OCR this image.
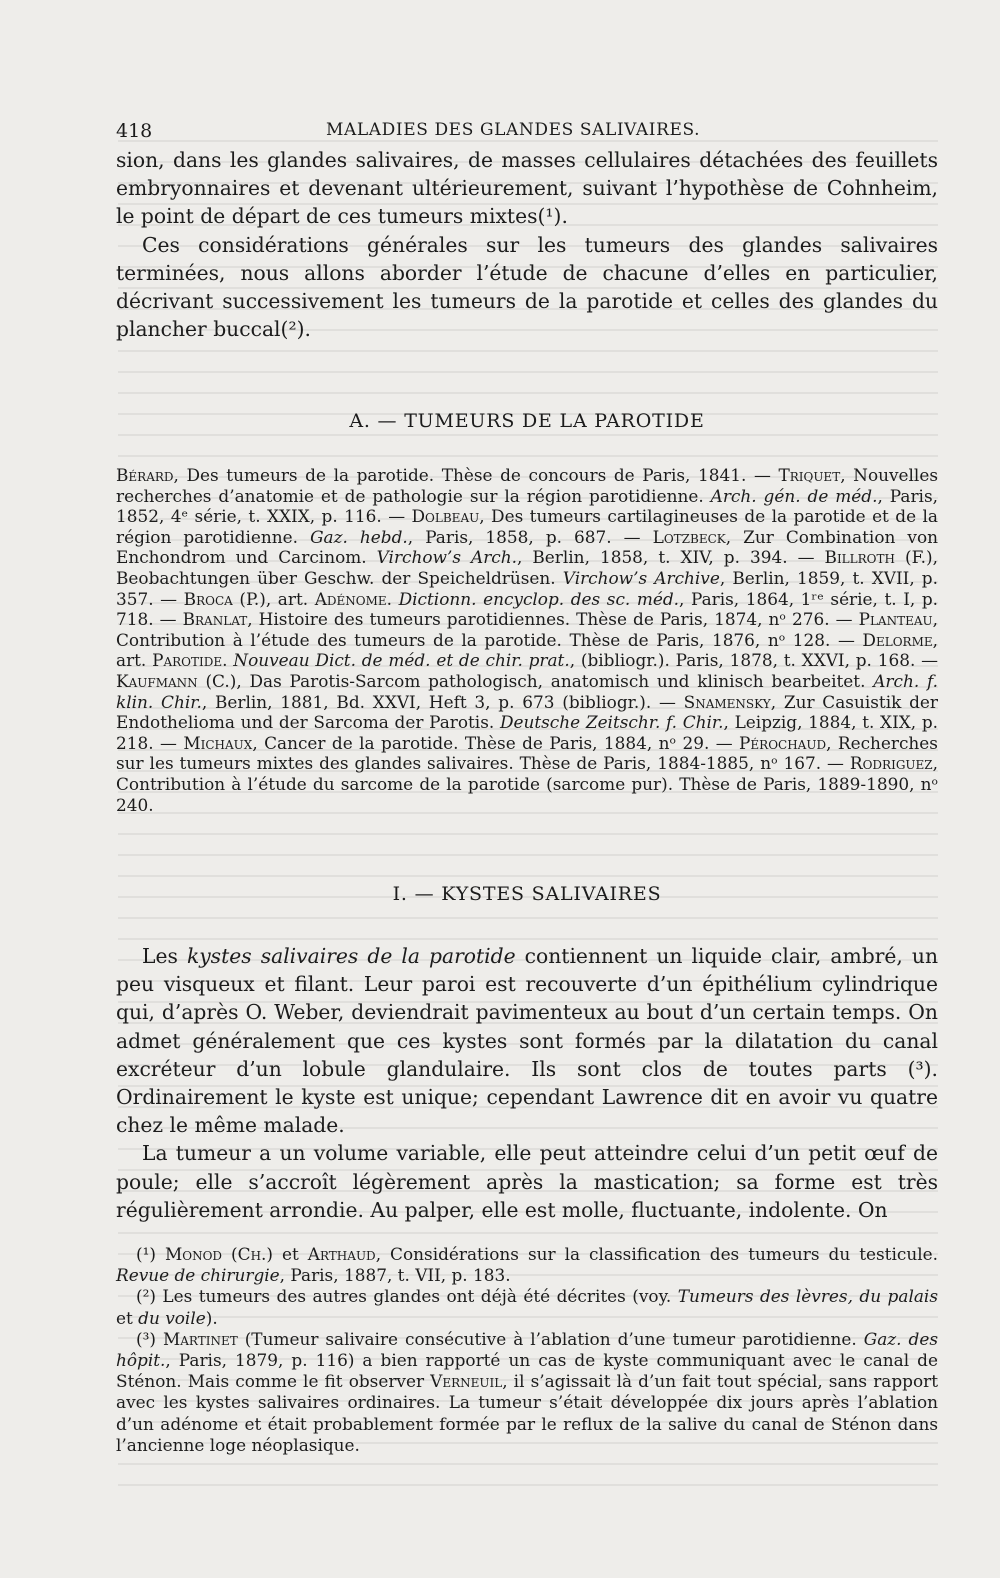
418	MALADIES DES GLANDES SALIVAIRES.

sion, dans les glandes salivaires, de masses cellulaires détachées des feuillets embryonnaires et devenant ultérieurement, suivant l’hypothèse de Cohnheim, le point de départ de ces tumeurs mixtes(¹).

Ces considérations générales sur les tumeurs des glandes salivaires terminées, nous allons aborder l’étude de chacune d’elles en particulier, décrivant successivement les tumeurs de la parotide et celles des glandes du plancher buccal(²).

A. — TUMEURS DE LA PAROTIDE
Bérard, Des tumeurs de la parotide. Thèse de concours de Paris, 1841. — Triquet, Nouvelles recherches d’anatomie et de pathologie sur la région parotidienne. Arch. gén. de méd., Paris, 1852, 4ᵉ série, t. XXIX, p. 116. — Dolbeau, Des tumeurs cartilagineuses de la parotide et de la région parotidienne. Gaz. hebd., Paris, 1858, p. 687. — Lotzbeck, Zur Combination von Enchondrom und Carcinom. Virchow’s Arch., Berlin, 1858, t. XIV, p. 394. — Billroth (F.), Beobachtungen über Geschw. der Speicheldrüsen. Virchow’s Archive, Berlin, 1859, t. XVII, p. 357. — Broca (P.), art. Adénome. Dictionn. encyclop. des sc. méd., Paris, 1864, 1ʳᵉ série, t. I, p. 718. — Branlat, Histoire des tumeurs parotidiennes. Thèse de Paris, 1874, nᵒ 276. — Planteau, Contribution à l’étude des tumeurs de la parotide. Thèse de Paris, 1876, nᵒ 128. — Delorme, art. Parotide. Nouveau Dict. de méd. et de chir. prat., (bibliogr.). Paris, 1878, t. XXVI, p. 168. — Kaufmann (C.), Das Parotis-Sarcom pathologisch, anatomisch und klinisch bearbeitet. Arch. f. klin. Chir., Berlin, 1881, Bd. XXVI, Heft 3, p. 673 (bibliogr.). — Snamensky, Zur Casuistik der Endothelioma und der Sarcoma der Parotis. Deutsche Zeitschr. f. Chir., Leipzig, 1884, t. XIX, p. 218. — Michaux, Cancer de la parotide. Thèse de Paris, 1884, nᵒ 29. — Pérochaud, Recherches sur les tumeurs mixtes des glandes salivaires. Thèse de Paris, 1884-1885, nᵒ 167. — Rodriguez, Contribution à l’étude du sarcome de la parotide (sarcome pur). Thèse de Paris, 1889-1890, nᵒ 240.
I. — KYSTES SALIVAIRES

Les kystes salivaires de la parotide contiennent un liquide clair, ambré, un peu visqueux et filant. Leur paroi est recouverte d’un épithélium cylindrique qui, d’après O. Weber, deviendrait pavimenteux au bout d’un certain temps. On admet généralement que ces kystes sont formés par la dilatation du canal excréteur d’un lobule glandulaire. Ils sont clos de toutes parts (³). Ordinairement le kyste est unique; cependant Lawrence dit en avoir vu quatre chez le même malade.

La tumeur a un volume variable, elle peut atteindre celui d’un petit œuf de poule; elle s’accroît légèrement après la mastication; sa forme est très régulièrement arrondie. Au palper, elle est molle, fluctuante, indolente. On

(¹) Monod (Ch.) et Arthaud, Considérations sur la classification des tumeurs du testicule. Revue de chirurgie, Paris, 1887, t. VII, p. 183.

(²) Les tumeurs des autres glandes ont déjà été décrites (voy. Tumeurs des lèvres, du palais et du voile).

(³) Martinet (Tumeur salivaire consécutive à l’ablation d’une tumeur parotidienne. Gaz. des hôpit., Paris, 1879, p. 116) a bien rapporté un cas de kyste communiquant avec le canal de Sténon. Mais comme le fit observer Verneuil, il s’agissait là d’un fait tout spécial, sans rapport avec les kystes salivaires ordinaires. La tumeur s’était développée dix jours après l’ablation d’un adénome et était probablement formée par le reflux de la salive du canal de Sténon dans l’ancienne loge néoplasique.
